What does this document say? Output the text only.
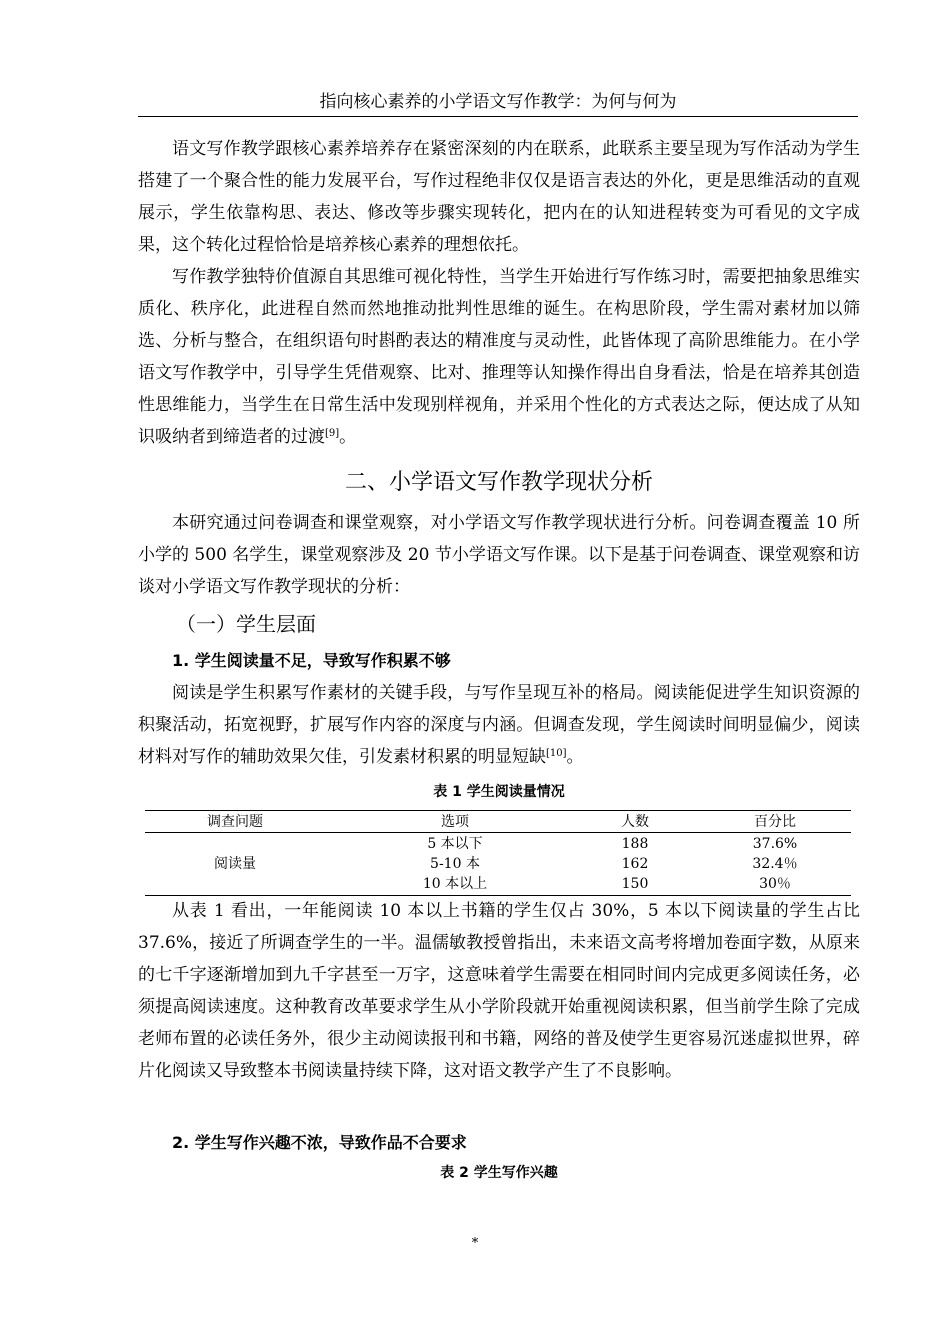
指向核心素养的小学语文写作教学：为何与何为

语文写作教学跟核心素养培养存在紧密深刻的内在联系，此联系主要呈现为写作活动为学生搭建了一个聚合性的能力发展平台，写作过程绝非仅仅是语言表达的外化，更是思维活动的直观展示，学生依靠构思、表达、修改等步骤实现转化，把内在的认知进程转变为可看见的文字成果，这个转化过程恰恰是培养核心素养的理想依托。

写作教学独特价值源自其思维可视化特性，当学生开始进行写作练习时，需要把抽象思维实质化、秩序化，此进程自然而然地推动批判性思维的诞生。在构思阶段，学生需对素材加以筛选、分析与整合，在组织语句时斟酌表达的精准度与灵动性，此皆体现了高阶思维能力。在小学语文写作教学中，引导学生凭借观察、比对、推理等认知操作得出自身看法，恰是在培养其创造性思维能力，当学生在日常生活中发现别样视角，并采用个性化的方式表达之际，便达成了从知识吸纳者到缔造者的过渡[9]。

二、小学语文写作教学现状分析

本研究通过问卷调查和课堂观察，对小学语文写作教学现状进行分析。问卷调查覆盖 10 所小学的 500 名学生，课堂观察涉及 20 节小学语文写作课。以下是基于问卷调查、课堂观察和访谈对小学语文写作教学现状的分析：

（一）学生层面
1. 学生阅读量不足，导致写作积累不够

阅读是学生积累写作素材的关键手段，与写作呈现互补的格局。阅读能促进学生知识资源的积聚活动，拓宽视野，扩展写作内容的深度与内涵。但调查发现，学生阅读时间明显偏少，阅读材料对写作的辅助效果欠佳，引发素材积累的明显短缺[10]。

表 1 学生阅读量情况
调查问题	选项	人数	百分比
阅读量
5 本以下	188	37.6%
5-10 本	162	32.4％
10 本以上	150	30％

从表 1 看出，一年能阅读 10 本以上书籍的学生仅占 30%，5 本以下阅读量的学生占比 37.6%，接近了所调查学生的一半。温儒敏教授曾指出，未来语文高考将增加卷面字数，从原来的七千字逐渐增加到九千字甚至一万字，这意味着学生需要在相同时间内完成更多阅读任务，必须提高阅读速度。这种教育改革要求学生从小学阶段就开始重视阅读积累，但当前学生除了完成老师布置的必读任务外，很少主动阅读报刊和书籍，网络的普及使学生更容易沉迷虚拟世界，碎片化阅读又导致整本书阅读量持续下降，这对语文教学产生了不良影响。

2. 学生写作兴趣不浓，导致作品不合要求
表 2 学生写作兴趣
*
